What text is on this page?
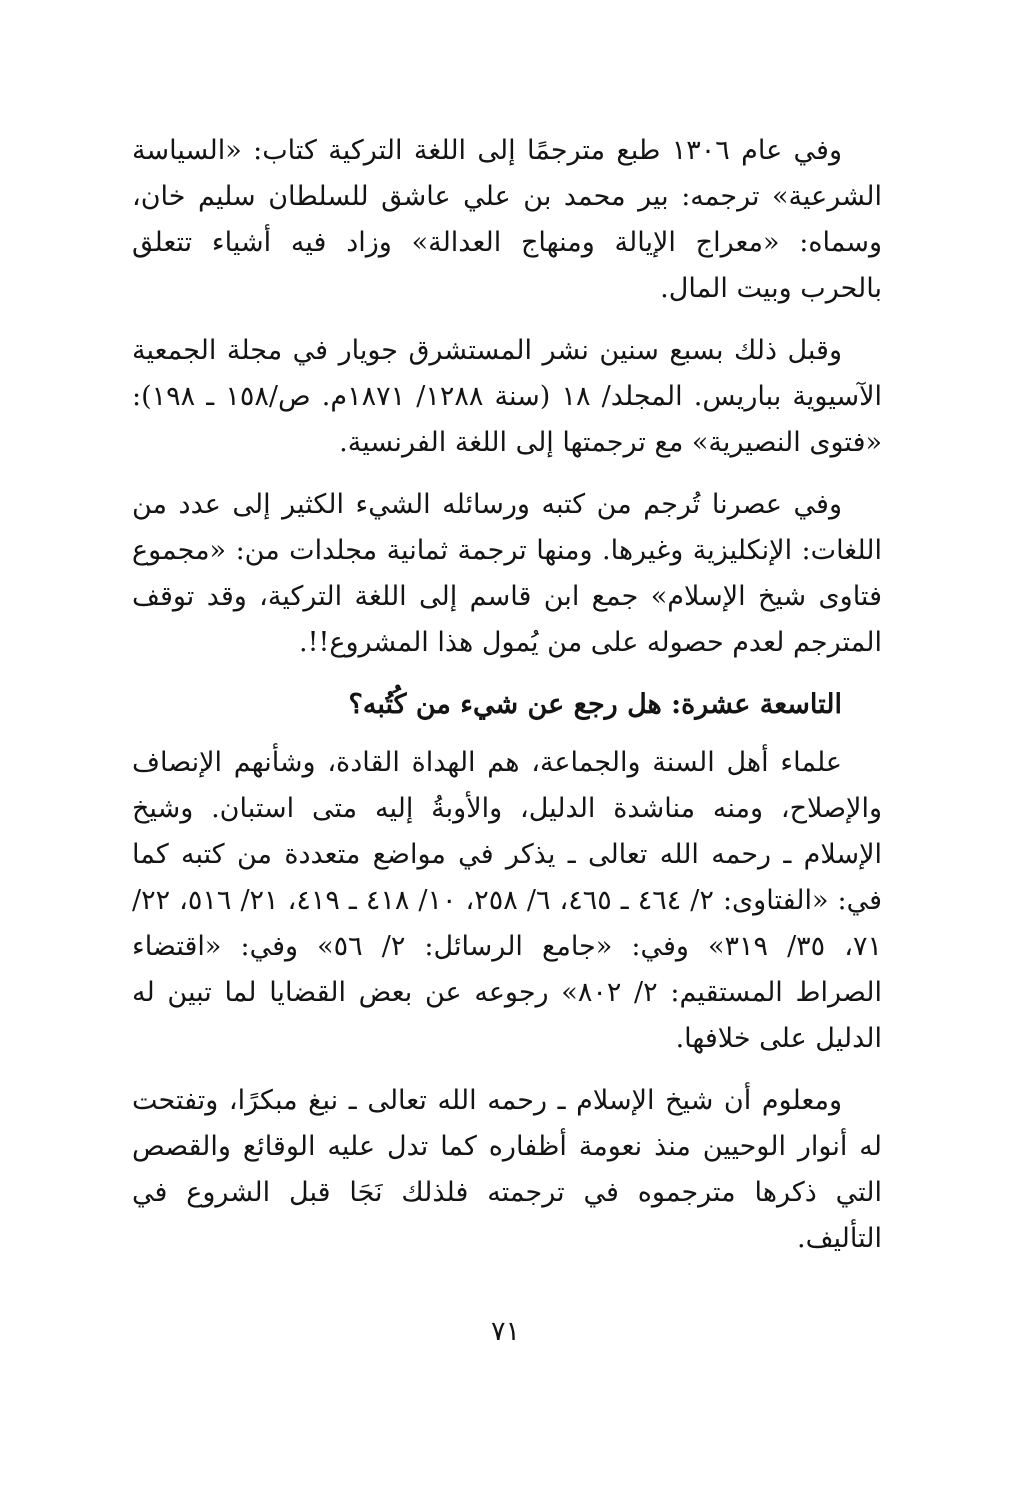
وفي عام ١٣٠٦ طبع مترجمًا إلى اللغة التركية كتاب: «السياسة الشرعية» ترجمه: بير محمد بن علي عاشق للسلطان سليم خان، وسماه: «معراج الإيالة ومنهاج العدالة» وزاد فيه أشياء تتعلق بالحرب وبيت المال.

وقبل ذلك بسبع سنين نشر المستشرق جويار في مجلة الجمعية الآسيوية بباريس. المجلد/ ١٨ (سنة ١٢٨٨/ ١٨٧١م. ص/١٥٨ ـ ١٩٨): «فتوى النصيرية» مع ترجمتها إلى اللغة الفرنسية.

وفي عصرنا تُرجم من كتبه ورسائله الشيء الكثير إلى عدد من اللغات: الإنكليزية وغيرها. ومنها ترجمة ثمانية مجلدات من: «مجموع فتاوى شيخ الإسلام» جمع ابن قاسم إلى اللغة التركية، وقد توقف المترجم لعدم حصوله على من يُمول هذا المشروع!!.

التاسعة عشرة: هل رجع عن شيء من كُتُبه؟

علماء أهل السنة والجماعة، هم الهداة القادة، وشأنهم الإنصاف والإصلاح، ومنه مناشدة الدليل، والأوبةُ إليه متى استبان. وشيخ الإسلام ـ رحمه الله تعالى ـ يذكر في مواضع متعددة من كتبه كما في: «الفتاوى: ٢/ ٤٦٤ ـ ٤٦٥، ٦/ ٢٥٨، ١٠/ ٤١٨ ـ ٤١٩، ٢١/ ٥١٦، ٢٢/ ٧١، ٣٥/ ٣١٩» وفي: «جامع الرسائل: ٢/ ٥٦» وفي: «اقتضاء الصراط المستقيم: ٢/ ٨٠٢» رجوعه عن بعض القضايا لما تبين له الدليل على خلافها.

ومعلوم أن شيخ الإسلام ـ رحمه الله تعالى ـ نبغ مبكرًا، وتفتحت له أنوار الوحيين منذ نعومة أظفاره كما تدل عليه الوقائع والقصص التي ذكرها مترجموه في ترجمته فلذلك نَجَا قبل الشروع في التأليف.

٧١
